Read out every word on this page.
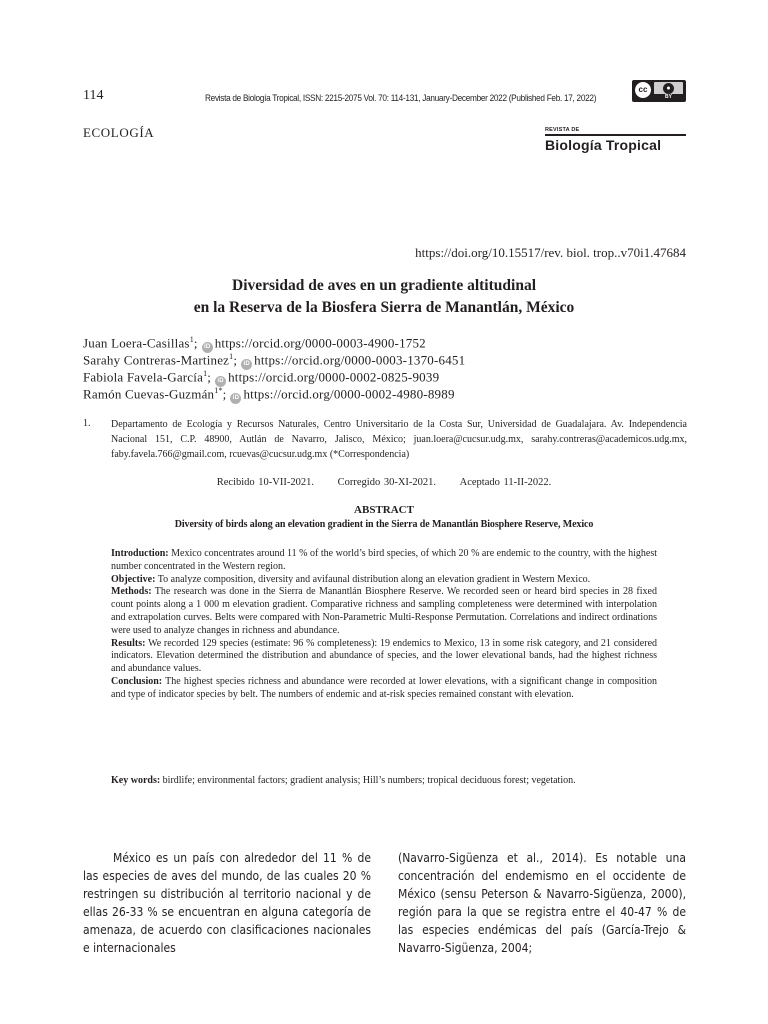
114	Revista de Biología Tropical, ISSN: 2215-2075 Vol. 70: 114-131, January-December 2022 (Published Feb. 17, 2022)
cc	●
BY
ECOLOGÍA	REVISTA DE
Biología Tropical
https://doi.org/10.15517/rev. biol. trop..v70i1.47684
Diversidad de aves en un gradiente altitudinal
en la Reserva de la Biosfera Sierra de Manantlán, México
Juan Loera-Casillas$^1$; iD https://orcid.org/0000-0003-4900-1752
Sarahy Contreras-Martinez$^1$; iD https://orcid.org/0000-0003-1370-6451
Fabiola Favela-García$^1$; iD https://orcid.org/0000-0002-0825-9039
Ramón Cuevas-Guzmán$^{1*}$; iD https://orcid.org/0000-0002-4980-8989
1. Departamento de Ecología y Recursos Naturales, Centro Universitario de la Costa Sur, Universidad de Guadalajara. Av. Independencia Nacional 151, C.P. 48900, Autlán de Navarro, Jalisco, México; juan.loera@cucsur.udg.mx, sarahy.contreras@academicos.udg.mx, faby.favela.766@gmail.com, rcuevas@cucsur.udg.mx (*Correspondencia)
Recibido 10-VII-2021. Corregido 30-XI-2021. Aceptado 11-II-2022.
ABSTRACT
Diversity of birds along an elevation gradient in the Sierra de Manantlán Biosphere Reserve, Mexico

Introduction: Mexico concentrates around 11 % of the world’s bird species, of which 20 % are endemic to the country, with the highest number concentrated in the Western region.

Objective: To analyze composition, diversity and avifaunal distribution along an elevation gradient in Western Mexico.

Methods: The research was done in the Sierra de Manantlán Biosphere Reserve. We recorded seen or heard bird species in 28 fixed count points along a 1 000 m elevation gradient. Comparative richness and sampling completeness were determined with interpolation and extrapolation curves. Belts were compared with Non-Parametric Multi-Response Permutation. Correlations and indirect ordinations were used to analyze changes in richness and abundance.

Results: We recorded 129 species (estimate: 96 % completeness): 19 endemics to Mexico, 13 in some risk category, and 21 considered indicators. Elevation determined the distribution and abundance of species, and the lower elevational bands, had the highest richness and abundance values.

Conclusion: The highest species richness and abundance were recorded at lower elevations, with a significant change in composition and type of indicator species by belt. The numbers of endemic and at-risk species remained constant with elevation.

Key words: birdlife; environmental factors; gradient analysis; Hill’s numbers; tropical deciduous forest; vegetation.
México es un país con alrededor del 11 % de las especies de aves del mundo, de las cuales 20 % restringen su distribución al territorio nacional y de ellas 26-33 % se encuentran en alguna categoría de amenaza, de acuerdo con clasificaciones nacionales e internacionales
(Navarro-Sigüenza et al., 2014). Es notable una concentración del endemismo en el occidente de México (sensu Peterson & Navarro-Sigüenza, 2000), región para la que se registra entre el 40-47 % de las especies endémicas del país (García-Trejo & Navarro-Sigüenza, 2004;
